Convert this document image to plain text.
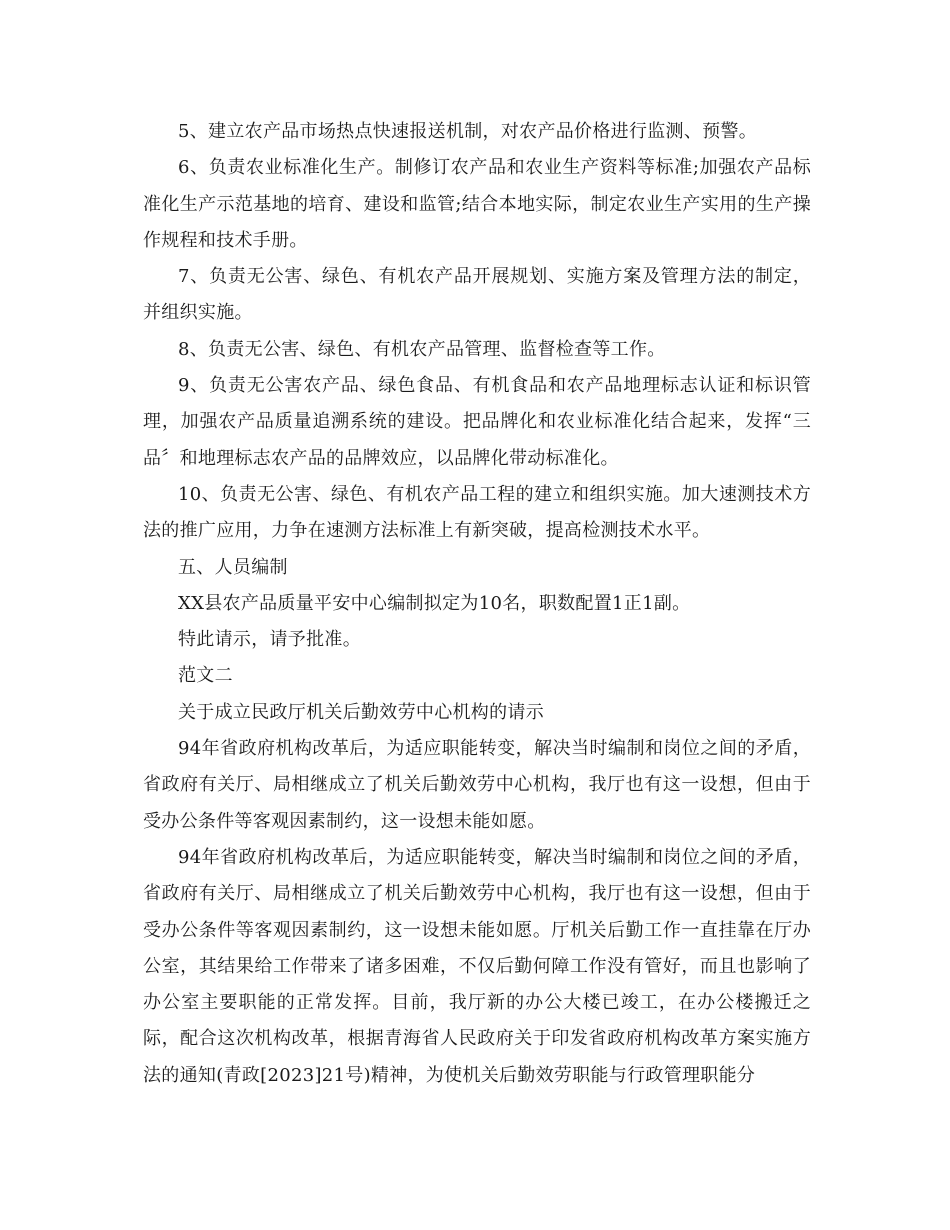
5、建立农产品市场热点快速报送机制，对农产品价格进行监测、预警。

6、负责农业标准化生产。制修订农产品和农业生产资料等标准;加强农产品标准化生产示范基地的培育、建设和监管;结合本地实际，制定农业生产实用的生产操作规程和技术手册。

7、负责无公害、绿色、有机农产品开展规划、实施方案及管理方法的制定，并组织实施。

8、负责无公害、绿色、有机农产品管理、监督检查等工作。

9、负责无公害农产品、绿色食品、有机食品和农产品地理标志认证和标识管理，加强农产品质量追溯系统的建设。把品牌化和农业标准化结合起来，发挥“三品〞和地理标志农产品的品牌效应，以品牌化带动标准化。

10、负责无公害、绿色、有机农产品工程的建立和组织实施。加大速测技术方法的推广应用，力争在速测方法标准上有新突破，提高检测技术水平。

五、人员编制

XX县农产品质量平安中心编制拟定为10名，职数配置1正1副。

特此请示，请予批准。

范文二

关于成立民政厅机关后勤效劳中心机构的请示

94年省政府机构改革后，为适应职能转变，解决当时编制和岗位之间的矛盾，省政府有关厅、局相继成立了机关后勤效劳中心机构，我厅也有这一设想，但由于受办公条件等客观因素制约，这一设想未能如愿。

94年省政府机构改革后，为适应职能转变，解决当时编制和岗位之间的矛盾，省政府有关厅、局相继成立了机关后勤效劳中心机构，我厅也有这一设想，但由于受办公条件等客观因素制约，这一设想未能如愿。厅机关后勤工作一直挂靠在厅办公室，其结果给工作带来了诸多困难，不仅后勤何障工作没有管好，而且也影响了办公室主要职能的正常发挥。目前，我厅新的办公大楼已竣工，在办公楼搬迁之际，配合这次机构改革，根据青海省人民政府关于印发省政府机构改革方案实施方法的通知(青政[2023]21号)精神，为使机关后勤效劳职能与行政管理职能分
